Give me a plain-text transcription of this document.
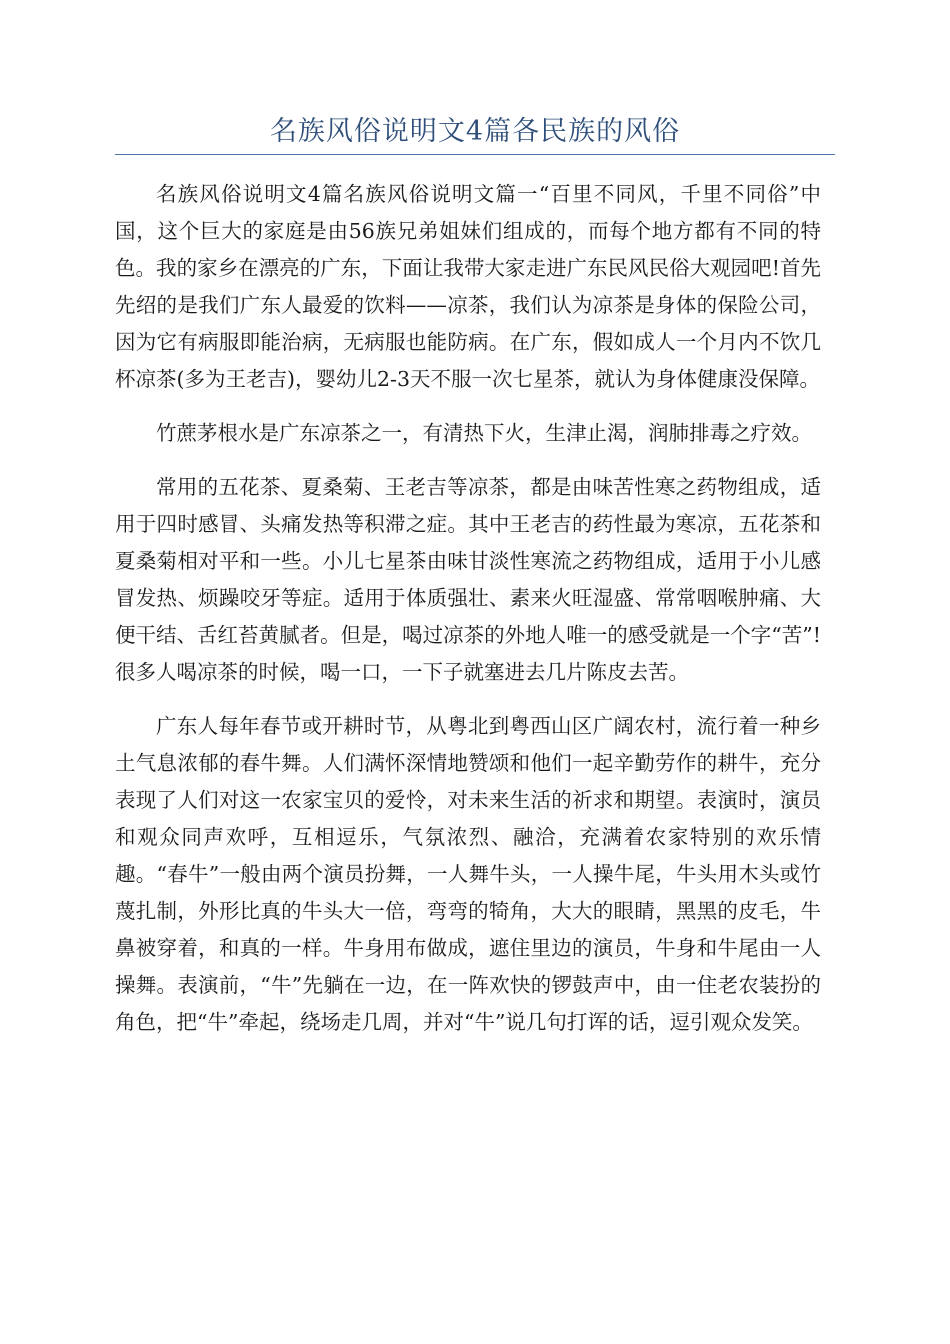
名族风俗说明文4篇各民族的风俗

名族风俗说明文4篇名族风俗说明文篇一“百里不同风，千里不同俗”中国，这个巨大的家庭是由56族兄弟姐妹们组成的，而每个地方都有不同的特色。我的家乡在漂亮的广东，下面让我带大家走进广东民风民俗大观园吧!首先先绍的是我们广东人最爱的饮料——凉茶，我们认为凉茶是身体的保险公司，因为它有病服即能治病，无病服也能防病。在广东，假如成人一个月内不饮几杯凉茶(多为王老吉)，婴幼儿2-3天不服一次七星茶，就认为身体健康没保障。

竹蔗茅根水是广东凉茶之一，有清热下火，生津止渴，润肺排毒之疗效。

常用的五花茶、夏桑菊、王老吉等凉茶，都是由味苦性寒之药物组成，适用于四时感冒、头痛发热等积滞之症。其中王老吉的药性最为寒凉，五花茶和夏桑菊相对平和一些。小儿七星茶由味甘淡性寒流之药物组成，适用于小儿感冒发热、烦躁咬牙等症。适用于体质强壮、素来火旺湿盛、常常咽喉肿痛、大便干结、舌红苔黄腻者。但是，喝过凉茶的外地人唯一的感受就是一个字“苦”!很多人喝凉茶的时候，喝一口，一下子就塞进去几片陈皮去苦。

广东人每年春节或开耕时节，从粤北到粤西山区广阔农村，流行着一种乡土气息浓郁的春牛舞。人们满怀深情地赞颂和他们一起辛勤劳作的耕牛，充分表现了人们对这一农家宝贝的爱怜，对未来生活的祈求和期望。表演时，演员和观众同声欢呼，互相逗乐，气氛浓烈、融洽，充满着农家特别的欢乐情趣。“春牛”一般由两个演员扮舞，一人舞牛头，一人操牛尾，牛头用木头或竹蔑扎制，外形比真的牛头大一倍，弯弯的犄角，大大的眼睛，黑黑的皮毛，牛鼻被穿着，和真的一样。牛身用布做成，遮住里边的演员，牛身和牛尾由一人操舞。表演前，“牛”先躺在一边，在一阵欢快的锣鼓声中，由一住老农装扮的角色，把“牛”牵起，绕场走几周，并对“牛”说几句打诨的话，逗引观众发笑。
